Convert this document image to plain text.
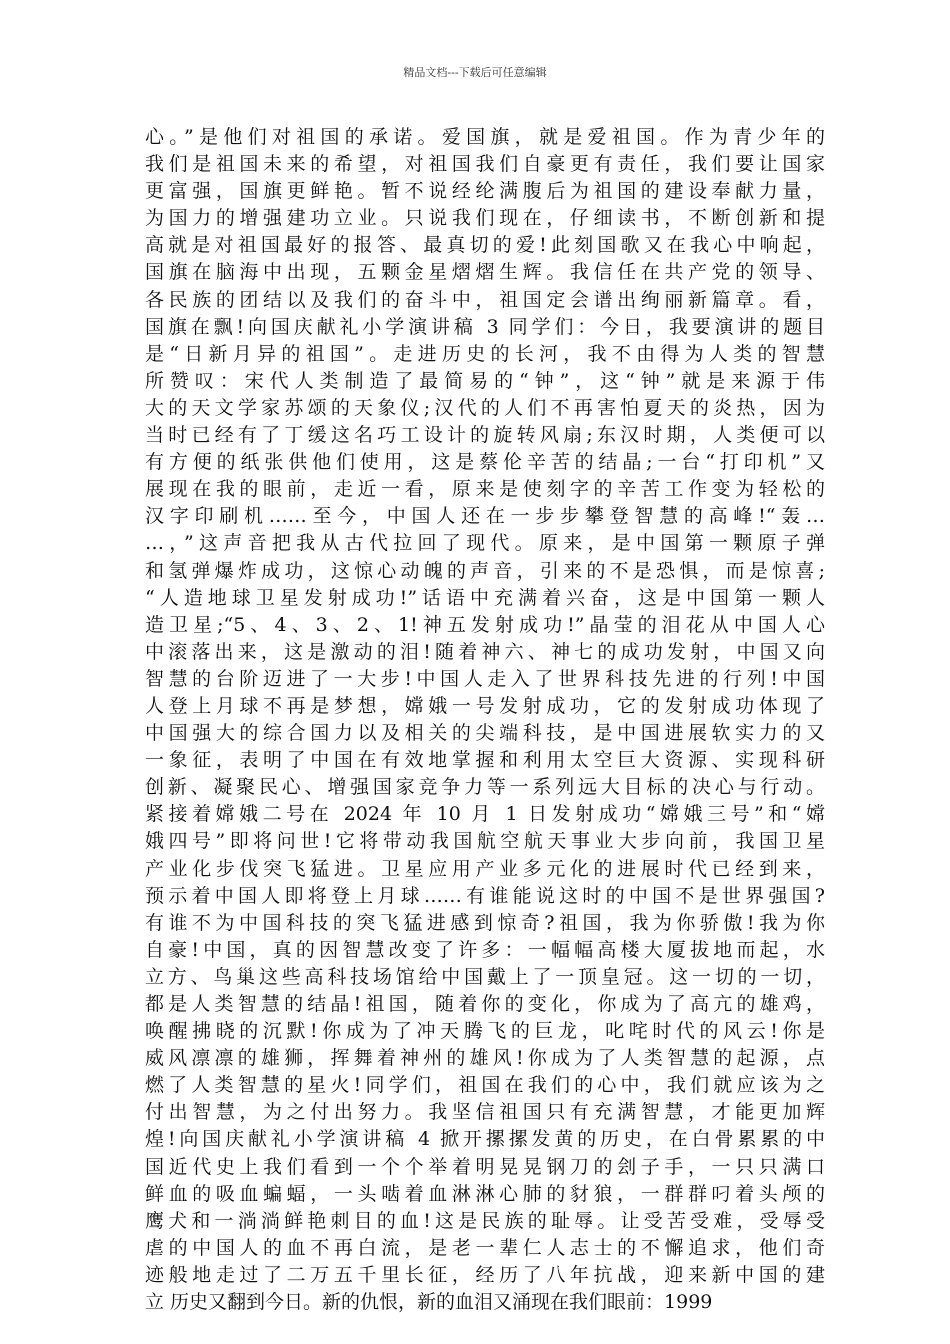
精品文档---下载后可任意编辑
心。”是他们对祖国的承诺。爱国旗，就是爱祖国。作为青少年的
我们是祖国未来的希望，对祖国我们自豪更有责任，我们要让国家
更富强，国旗更鲜艳。暂不说经纶满腹后为祖国的建设奉献力量，
为国力的增强建功立业。只说我们现在，仔细读书，不断创新和提
高就是对祖国最好的报答、最真切的爱!此刻国歌又在我心中响起，
国旗在脑海中出现，五颗金星熠熠生辉。我信任在共产党的领导、
各民族的团结以及我们的奋斗中，祖国定会谱出绚丽新篇章。看，
国旗在飘!向国庆献礼小学演讲稿 3 同学们：今日，我要演讲的题目
是“日新月异的祖国”。走进历史的长河，我不由得为人类的智慧
所赞叹：宋代人类制造了最简易的“钟”，这“钟”就是来源于伟
大的天文学家苏颂的天象仪;汉代的人们不再害怕夏天的炎热，因为
当时已经有了丁缓这名巧工设计的旋转风扇;东汉时期，人类便可以
有方便的纸张供他们使用，这是蔡伦辛苦的结晶;一台“打印机”又
展现在我的眼前，走近一看，原来是使刻字的辛苦工作变为轻松的
汉字印刷机……至今，中国人还在一步步攀登智慧的高峰!“轰…
…，”这声音把我从古代拉回了现代。原来，是中国第一颗原子弹
和氢弹爆炸成功，这惊心动魄的声音，引来的不是恐惧，而是惊喜;
“人造地球卫星发射成功!”话语中充满着兴奋，这是中国第一颗人
造卫星;“5、4、3、2、1!神五发射成功!”晶莹的泪花从中国人心
中滚落出来，这是激动的泪!随着神六、神七的成功发射，中国又向
智慧的台阶迈进了一大步!中国人走入了世界科技先进的行列!中国
人登上月球不再是梦想，嫦娥一号发射成功，它的发射成功体现了
中国强大的综合国力以及相关的尖端科技，是中国进展软实力的又
一象征，表明了中国在有效地掌握和利用太空巨大资源、实现科研
创新、凝聚民心、增强国家竞争力等一系列远大目标的决心与行动。
紧接着嫦娥二号在 2024 年 10 月 1 日发射成功“嫦娥三号”和“嫦
娥四号”即将问世!它将带动我国航空航天事业大步向前，我国卫星
产业化步伐突飞猛进。卫星应用产业多元化的进展时代已经到来，
预示着中国人即将登上月球……有谁能说这时的中国不是世界强国?
有谁不为中国科技的突飞猛进感到惊奇?祖国，我为你骄傲!我为你
自豪!中国，真的因智慧改变了许多：一幅幅高楼大厦拔地而起，水
立方、鸟巢这些高科技场馆给中国戴上了一顶皇冠。这一切的一切，
都是人类智慧的结晶!祖国，随着你的变化，你成为了高亢的雄鸡，
唤醒拂晓的沉默!你成为了冲天腾飞的巨龙，叱咤时代的风云!你是
威风凛凛的雄狮，挥舞着神州的雄风!你成为了人类智慧的起源，点
燃了人类智慧的星火!同学们，祖国在我们的心中，我们就应该为之
付出智慧，为之付出努力。我坚信祖国只有充满智慧，才能更加辉
煌!向国庆献礼小学演讲稿 4 掀开摞摞发黄的历史，在白骨累累的中
国近代史上我们看到一个个举着明晃晃钢刀的刽子手，一只只满口
鲜血的吸血蝙蝠，一头啮着血淋淋心肺的豺狼，一群群叼着头颅的
鹰犬和一淌淌鲜艳刺目的血!这是民族的耻辱。让受苦受难，受辱受
虐的中国人的血不再白流，是老一辈仁人志士的不懈追求，他们奇
迹般地走过了二万五千里长征，经历了八年抗战，迎来新中国的建
立 历史又翻到今日。新的仇恨，新的血泪又涌现在我们眼前：1999
